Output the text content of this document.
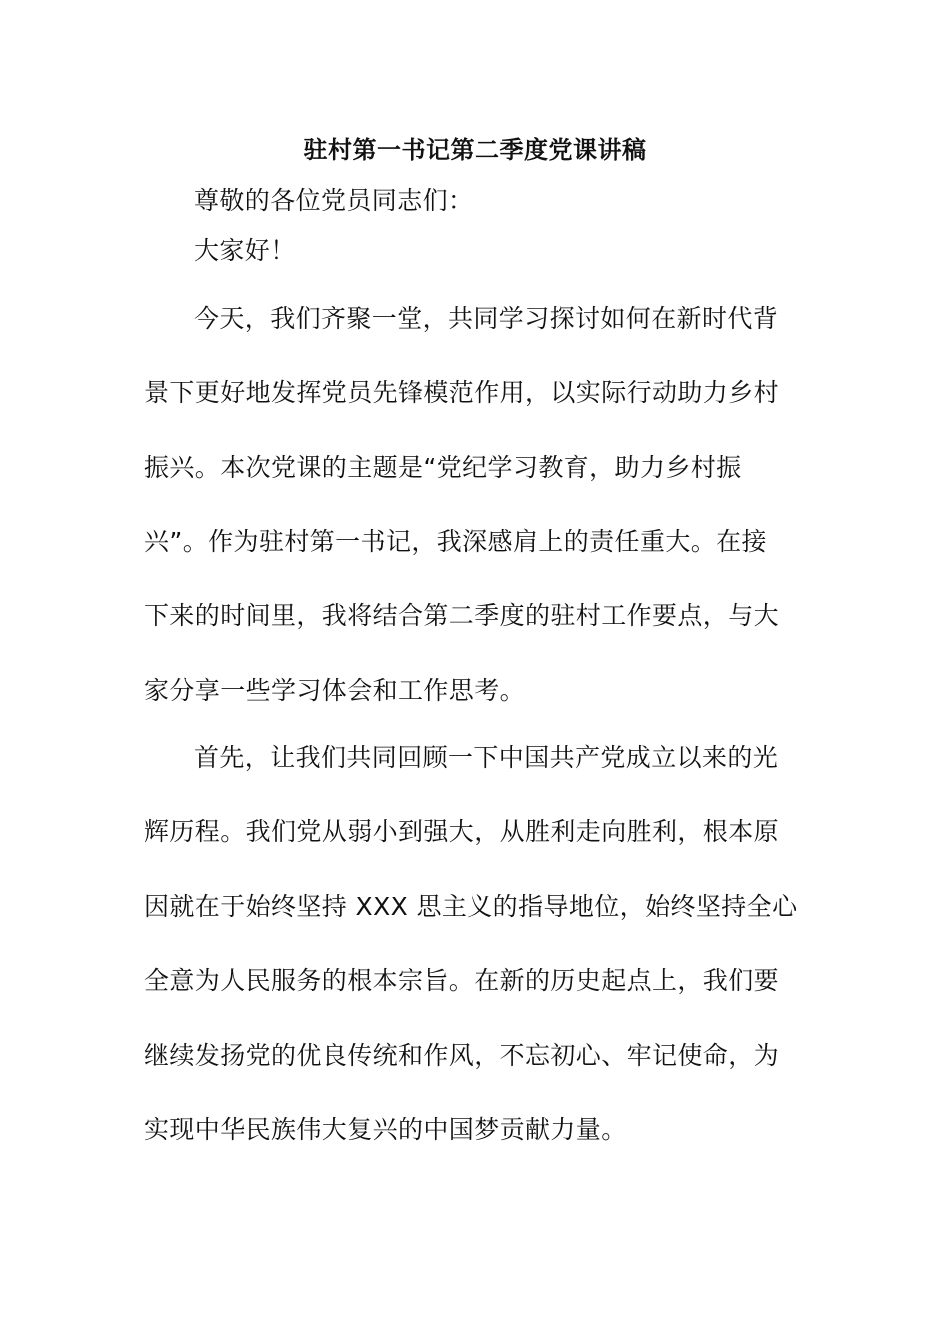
驻村第一书记第二季度党课讲稿
尊敬的各位党员同志们：
大家好！
今天，我们齐聚一堂，共同学习探讨如何在新时代背
景下更好地发挥党员先锋模范作用，以实际行动助力乡村
振兴。本次党课的主题是“党纪学习教育，助力乡村振
兴”。作为驻村第一书记，我深感肩上的责任重大。在接
下来的时间里，我将结合第二季度的驻村工作要点，与大
家分享一些学习体会和工作思考。
首先，让我们共同回顾一下中国共产党成立以来的光
辉历程。我们党从弱小到强大，从胜利走向胜利，根本原
因就在于始终坚持 XXX 思主义的指导地位，始终坚持全心
全意为人民服务的根本宗旨。在新的历史起点上，我们要
继续发扬党的优良传统和作风，不忘初心、牢记使命，为
实现中华民族伟大复兴的中国梦贡献力量。
